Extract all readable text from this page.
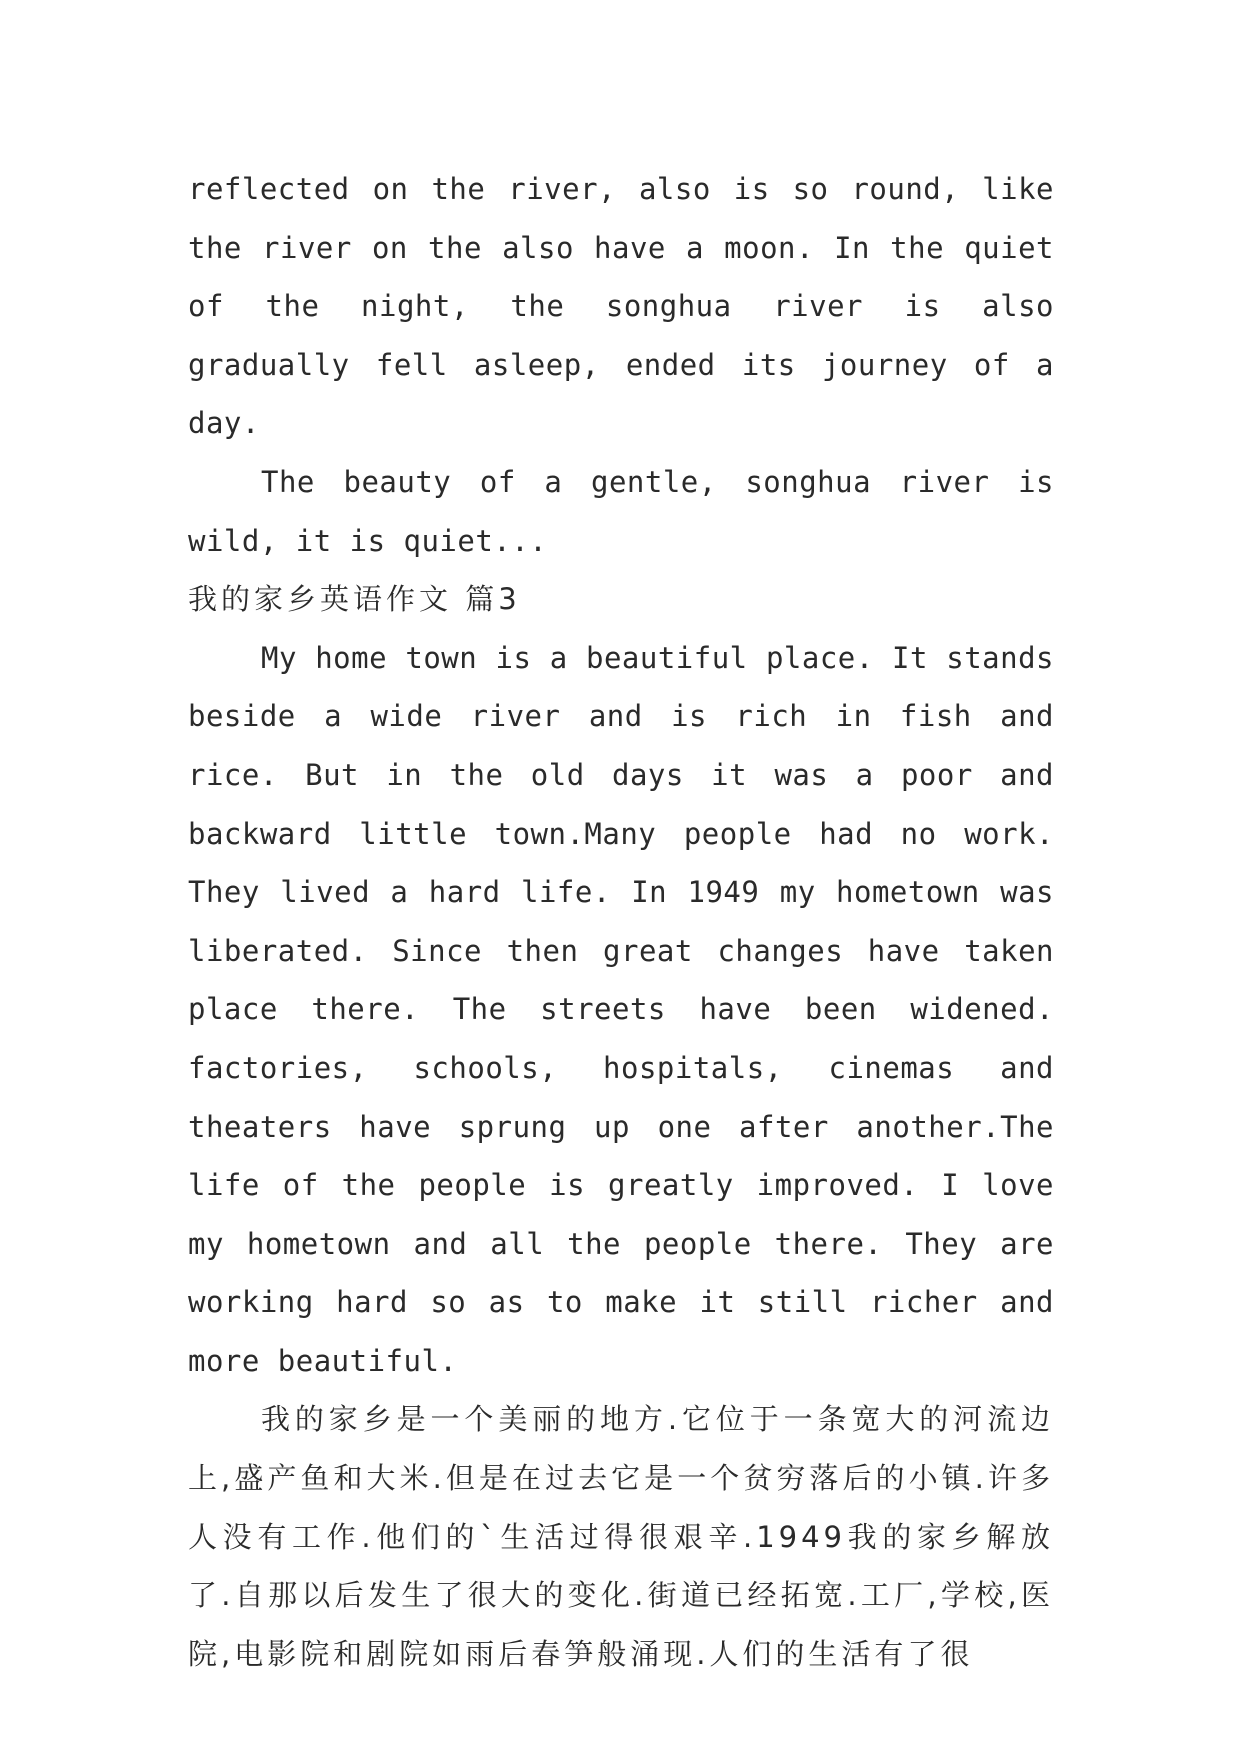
reflected on the river, also is so round, like the river on the also have a moon. In the quiet of the night, the songhua river is also gradually fell asleep, ended its journey of a day.

The beauty of a gentle, songhua river is wild, it is quiet...

我的家乡英语作文 篇3

My home town is a beautiful place. It stands beside a wide river and is rich in fish and rice. But in the old days it was a poor and backward little town.Many people had no work. They lived a hard life. In 1949 my hometown was liberated. Since then great changes have taken place there. The streets have been widened. factories, schools, hospitals, cinemas and theaters have sprung up one after another.The life of the people is greatly improved. I love my hometown and all the people there. They are working hard so as to make it still richer and more beautiful.

我的家乡是一个美丽的地方.它位于一条宽大的河流边上,盛产鱼和大米.但是在过去它是一个贫穷落后的小镇.许多人没有工作.他们的`生活过得很艰辛.1949我的家乡解放了.自那以后发生了很大的变化.街道已经拓宽.工厂,学校,医院,电影院和剧院如雨后春笋般涌现.人们的生活有了很
